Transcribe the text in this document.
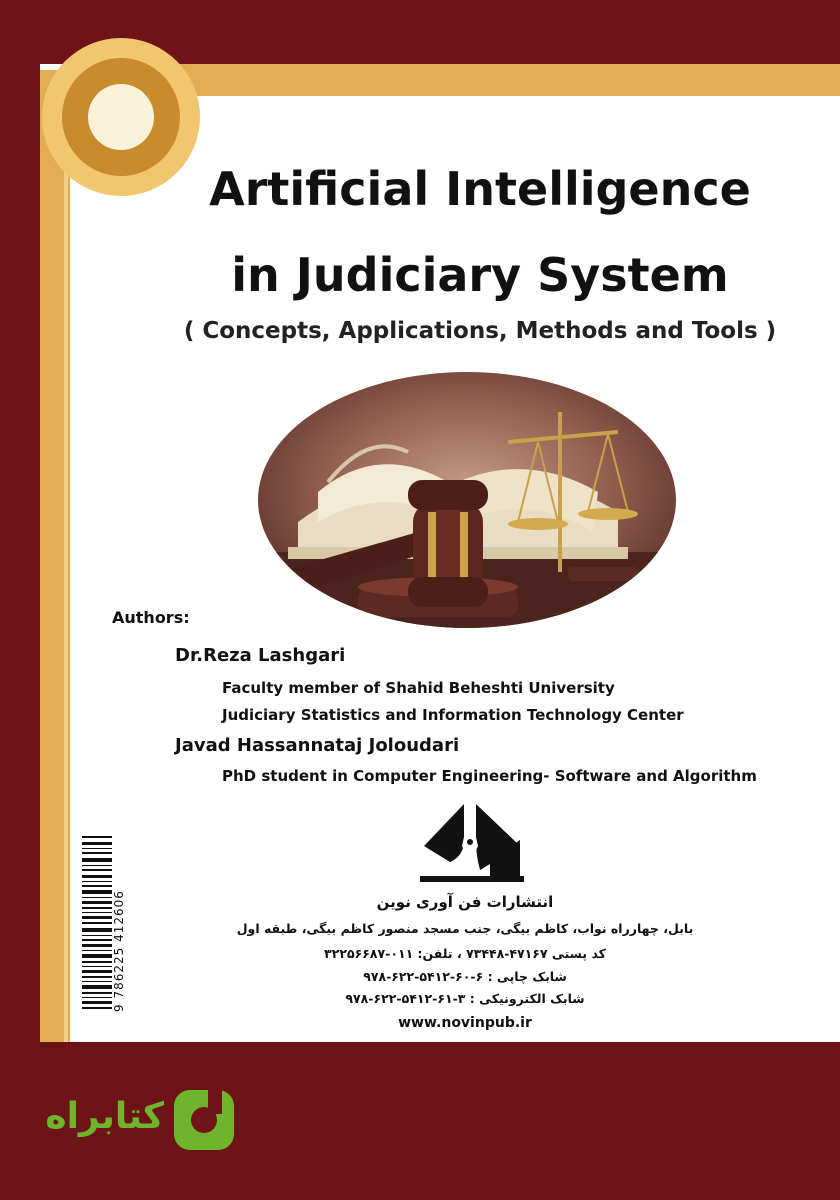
Artificial Intelligence
in Judiciary System
( Concepts, Applications, Methods and Tools )
Authors:
Dr.Reza Lashgari
Faculty member of Shahid Beheshti University
Judiciary Statistics and Information Technology Center
Javad Hassannataj Joloudari
PhD student in Computer Engineering- Software and Algorithm
9 786225 412606	انتشارات فن آوری نوین
بابل، چهارراه نواب، کاظم بیگی، جنب مسجد منصور کاظم بیگی، طبقه اول
کد پستی ۴۷۱۶۷-۷۳۴۴۸ ، تلفن: ۰۱۱-۳۲۲۵۶۶۸۷
شابک چاپی : ۶-۶۰-۵۴۱۲-۶۲۲-۹۷۸
شابک الکترونیکی : ۳-۶۱-۵۴۱۲-۶۲۲-۹۷۸
www.novinpub.ir
کتابراه
